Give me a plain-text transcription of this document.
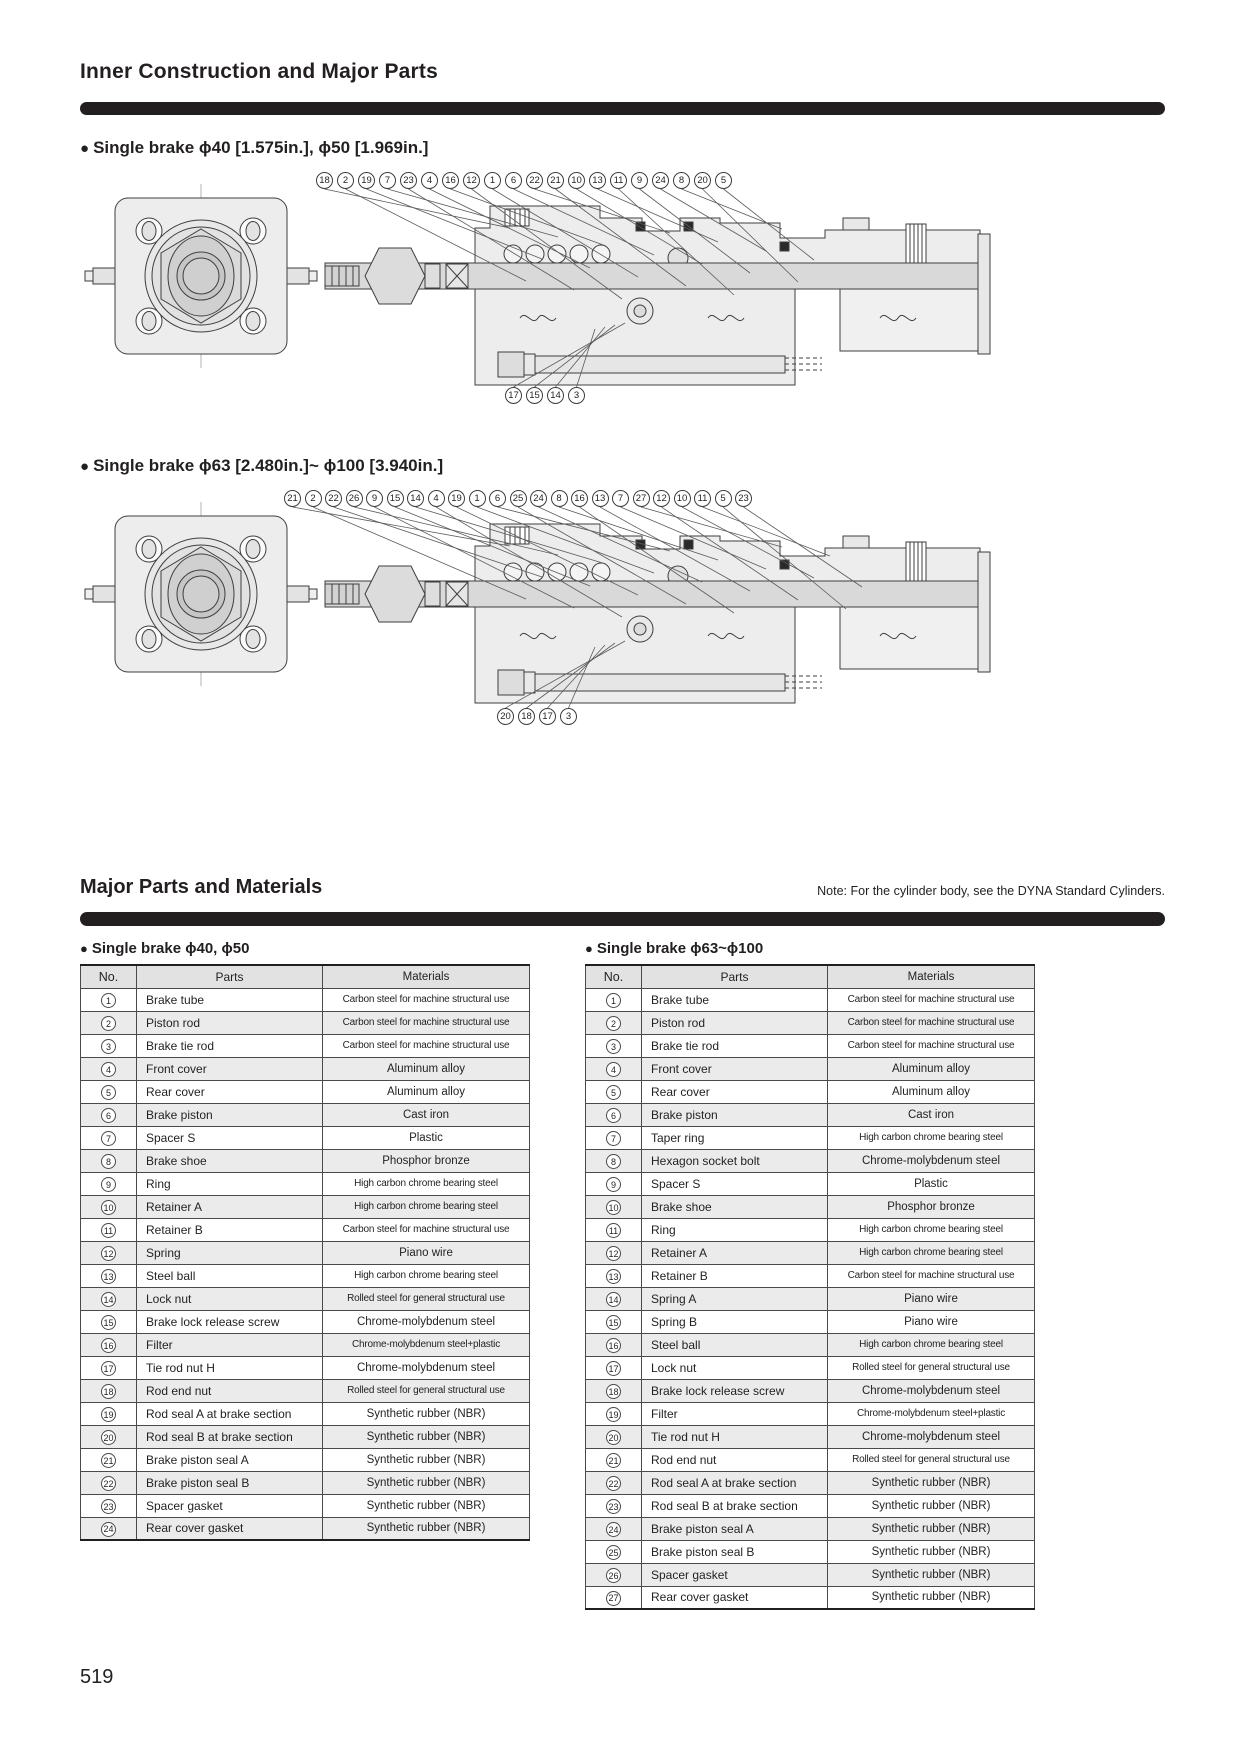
Inner Construction and Major Parts
● Single brake ϕ40 [1.575in.], ϕ50 [1.969in.]
18	2	19	7	23	4	16	12	1	6	22	21	10	13	11	9	24	8	20	5
17	15	14	3
● Single brake ϕ63 [2.480in.]~ ϕ100 [3.940in.]
21	2	22	26	9	15	14	4	19	1	6	25	24	8	16	13	7	27	12	10	11	5	23
20	18	17	3
Major Parts and Materials	Note: For the cylinder body, see the DYNA Standard Cylinders.
● Single brake ϕ40, ϕ50
No.	Parts	Materials
1	Brake tube	Carbon steel for machine structural use
2	Piston rod	Carbon steel for machine structural use
3	Brake tie rod	Carbon steel for machine structural use
4	Front cover	Aluminum alloy
5	Rear cover	Aluminum alloy
6	Brake piston	Cast iron
7	Spacer S	Plastic
8	Brake shoe	Phosphor bronze
9	Ring	High carbon chrome bearing steel
10	Retainer A	High carbon chrome bearing steel
11	Retainer B	Carbon steel for machine structural use
12	Spring	Piano wire
13	Steel ball	High carbon chrome bearing steel
14	Lock nut	Rolled steel for general structural use
15	Brake lock release screw	Chrome-molybdenum steel
16	Filter	Chrome-molybdenum steel+plastic
17	Tie rod nut H	Chrome-molybdenum steel
18	Rod end nut	Rolled steel for general structural use
19	Rod seal A at brake section	Synthetic rubber (NBR)
20	Rod seal B at brake section	Synthetic rubber (NBR)
21	Brake piston seal A	Synthetic rubber (NBR)
22	Brake piston seal B	Synthetic rubber (NBR)
23	Spacer gasket	Synthetic rubber (NBR)
24	Rear cover gasket	Synthetic rubber (NBR)
● Single brake ϕ63~ϕ100
No.	Parts	Materials
1	Brake tube	Carbon steel for machine structural use
2	Piston rod	Carbon steel for machine structural use
3	Brake tie rod	Carbon steel for machine structural use
4	Front cover	Aluminum alloy
5	Rear cover	Aluminum alloy
6	Brake piston	Cast iron
7	Taper ring	High carbon chrome bearing steel
8	Hexagon socket bolt	Chrome-molybdenum steel
9	Spacer S	Plastic
10	Brake shoe	Phosphor bronze
11	Ring	High carbon chrome bearing steel
12	Retainer A	High carbon chrome bearing steel
13	Retainer B	Carbon steel for machine structural use
14	Spring A	Piano wire
15	Spring B	Piano wire
16	Steel ball	High carbon chrome bearing steel
17	Lock nut	Rolled steel for general structural use
18	Brake lock release screw	Chrome-molybdenum steel
19	Filter	Chrome-molybdenum steel+plastic
20	Tie rod nut H	Chrome-molybdenum steel
21	Rod end nut	Rolled steel for general structural use
22	Rod seal A at brake section	Synthetic rubber (NBR)
23	Rod seal B at brake section	Synthetic rubber (NBR)
24	Brake piston seal A	Synthetic rubber (NBR)
25	Brake piston seal B	Synthetic rubber (NBR)
26	Spacer gasket	Synthetic rubber (NBR)
27	Rear cover gasket	Synthetic rubber (NBR)
519
